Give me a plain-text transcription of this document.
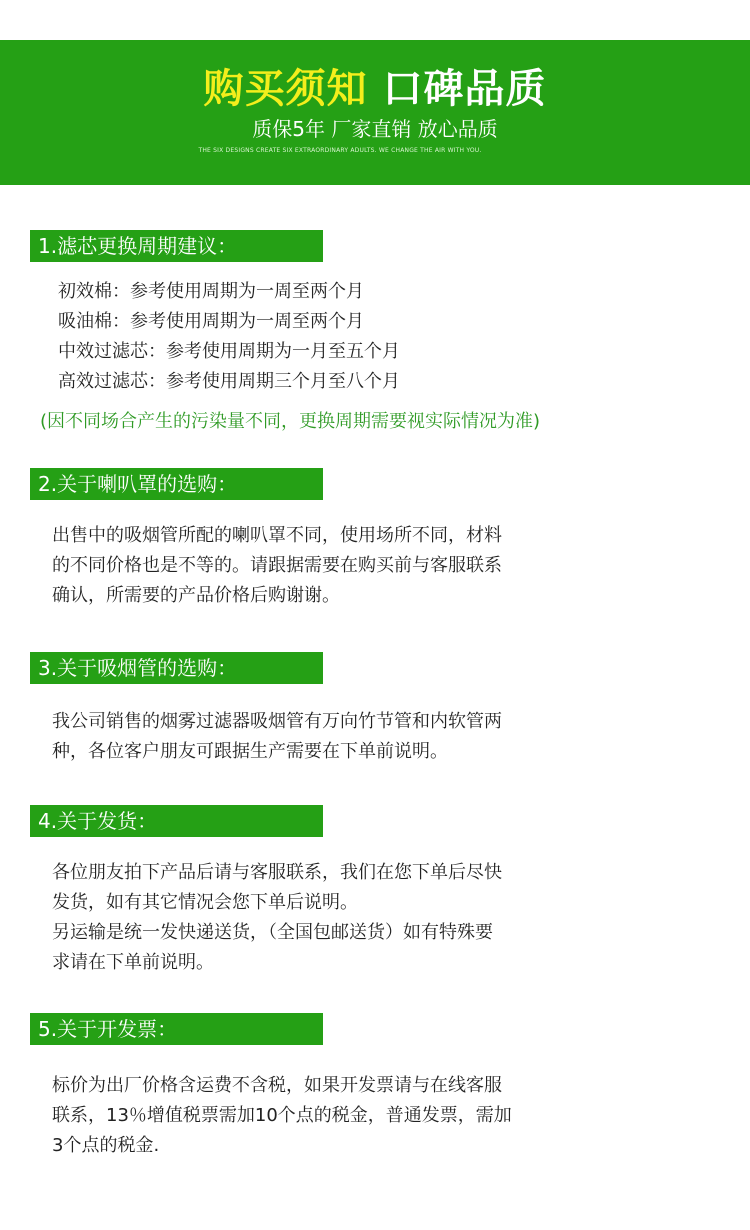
购买须知 口碑品质
质保5年 厂家直销 放心品质
THE SIX DESIGNS CREATE SIX EXTRAORDINARY ADULTS. WE CHANGE THE AIR WITH YOU.
1.滤芯更换周期建议：
初效棉：参考使用周期为一周至两个月
吸油棉：参考使用周期为一周至两个月
中效过滤芯：参考使用周期为一月至五个月
高效过滤芯：参考使用周期三个月至八个月
(因不同场合产生的污染量不同，更换周期需要视实际情况为准)
2.关于喇叭罩的选购：
出售中的吸烟管所配的喇叭罩不同，使用场所不同，材料
的不同价格也是不等的。请跟据需要在购买前与客服联系
确认，所需要的产品价格后购谢谢。
3.关于吸烟管的选购：
我公司销售的烟雾过滤器吸烟管有万向竹节管和内软管两
种，各位客户朋友可跟据生产需要在下单前说明。
4.关于发货：
各位朋友拍下产品后请与客服联系，我们在您下单后尽快
发货，如有其它情况会您下单后说明。
另运输是统一发快递送货，（全国包邮送货）如有特殊要
求请在下单前说明。
5.关于开发票：
标价为出厂价格含运费不含税，如果开发票请与在线客服
联系，13％增值税票需加10个点的税金，普通发票，需加
3个点的税金.
